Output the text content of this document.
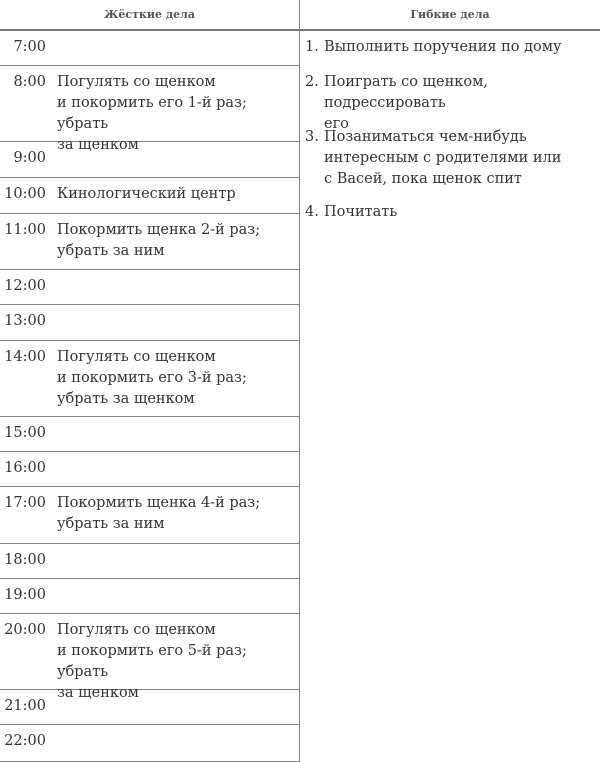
Жёсткие дела	Гибкие дела
7:00
8:00 Погулять со щенком
и покормить его 1-й раз; убрать
за щенком
9:00
10:00 Кинологический центр
11:00 Покормить щенка 2-й раз;
убрать за ним
12:00
13:00
14:00 Погулять со щенком
и покормить его 3-й раз;
убрать за щенком
15:00
16:00
17:00 Покормить щенка 4-й раз;
убрать за ним
18:00
19:00
20:00 Погулять со щенком
и покормить его 5-й раз; убрать
за щенком
21:00
22:00
1. Выполнить поручения по дому
2. Поиграть со щенком, подрессировать
его
3. Позаниматься чем-нибудь
интересным с родителями или
с Васей, пока щенок спит
4. Почитать
